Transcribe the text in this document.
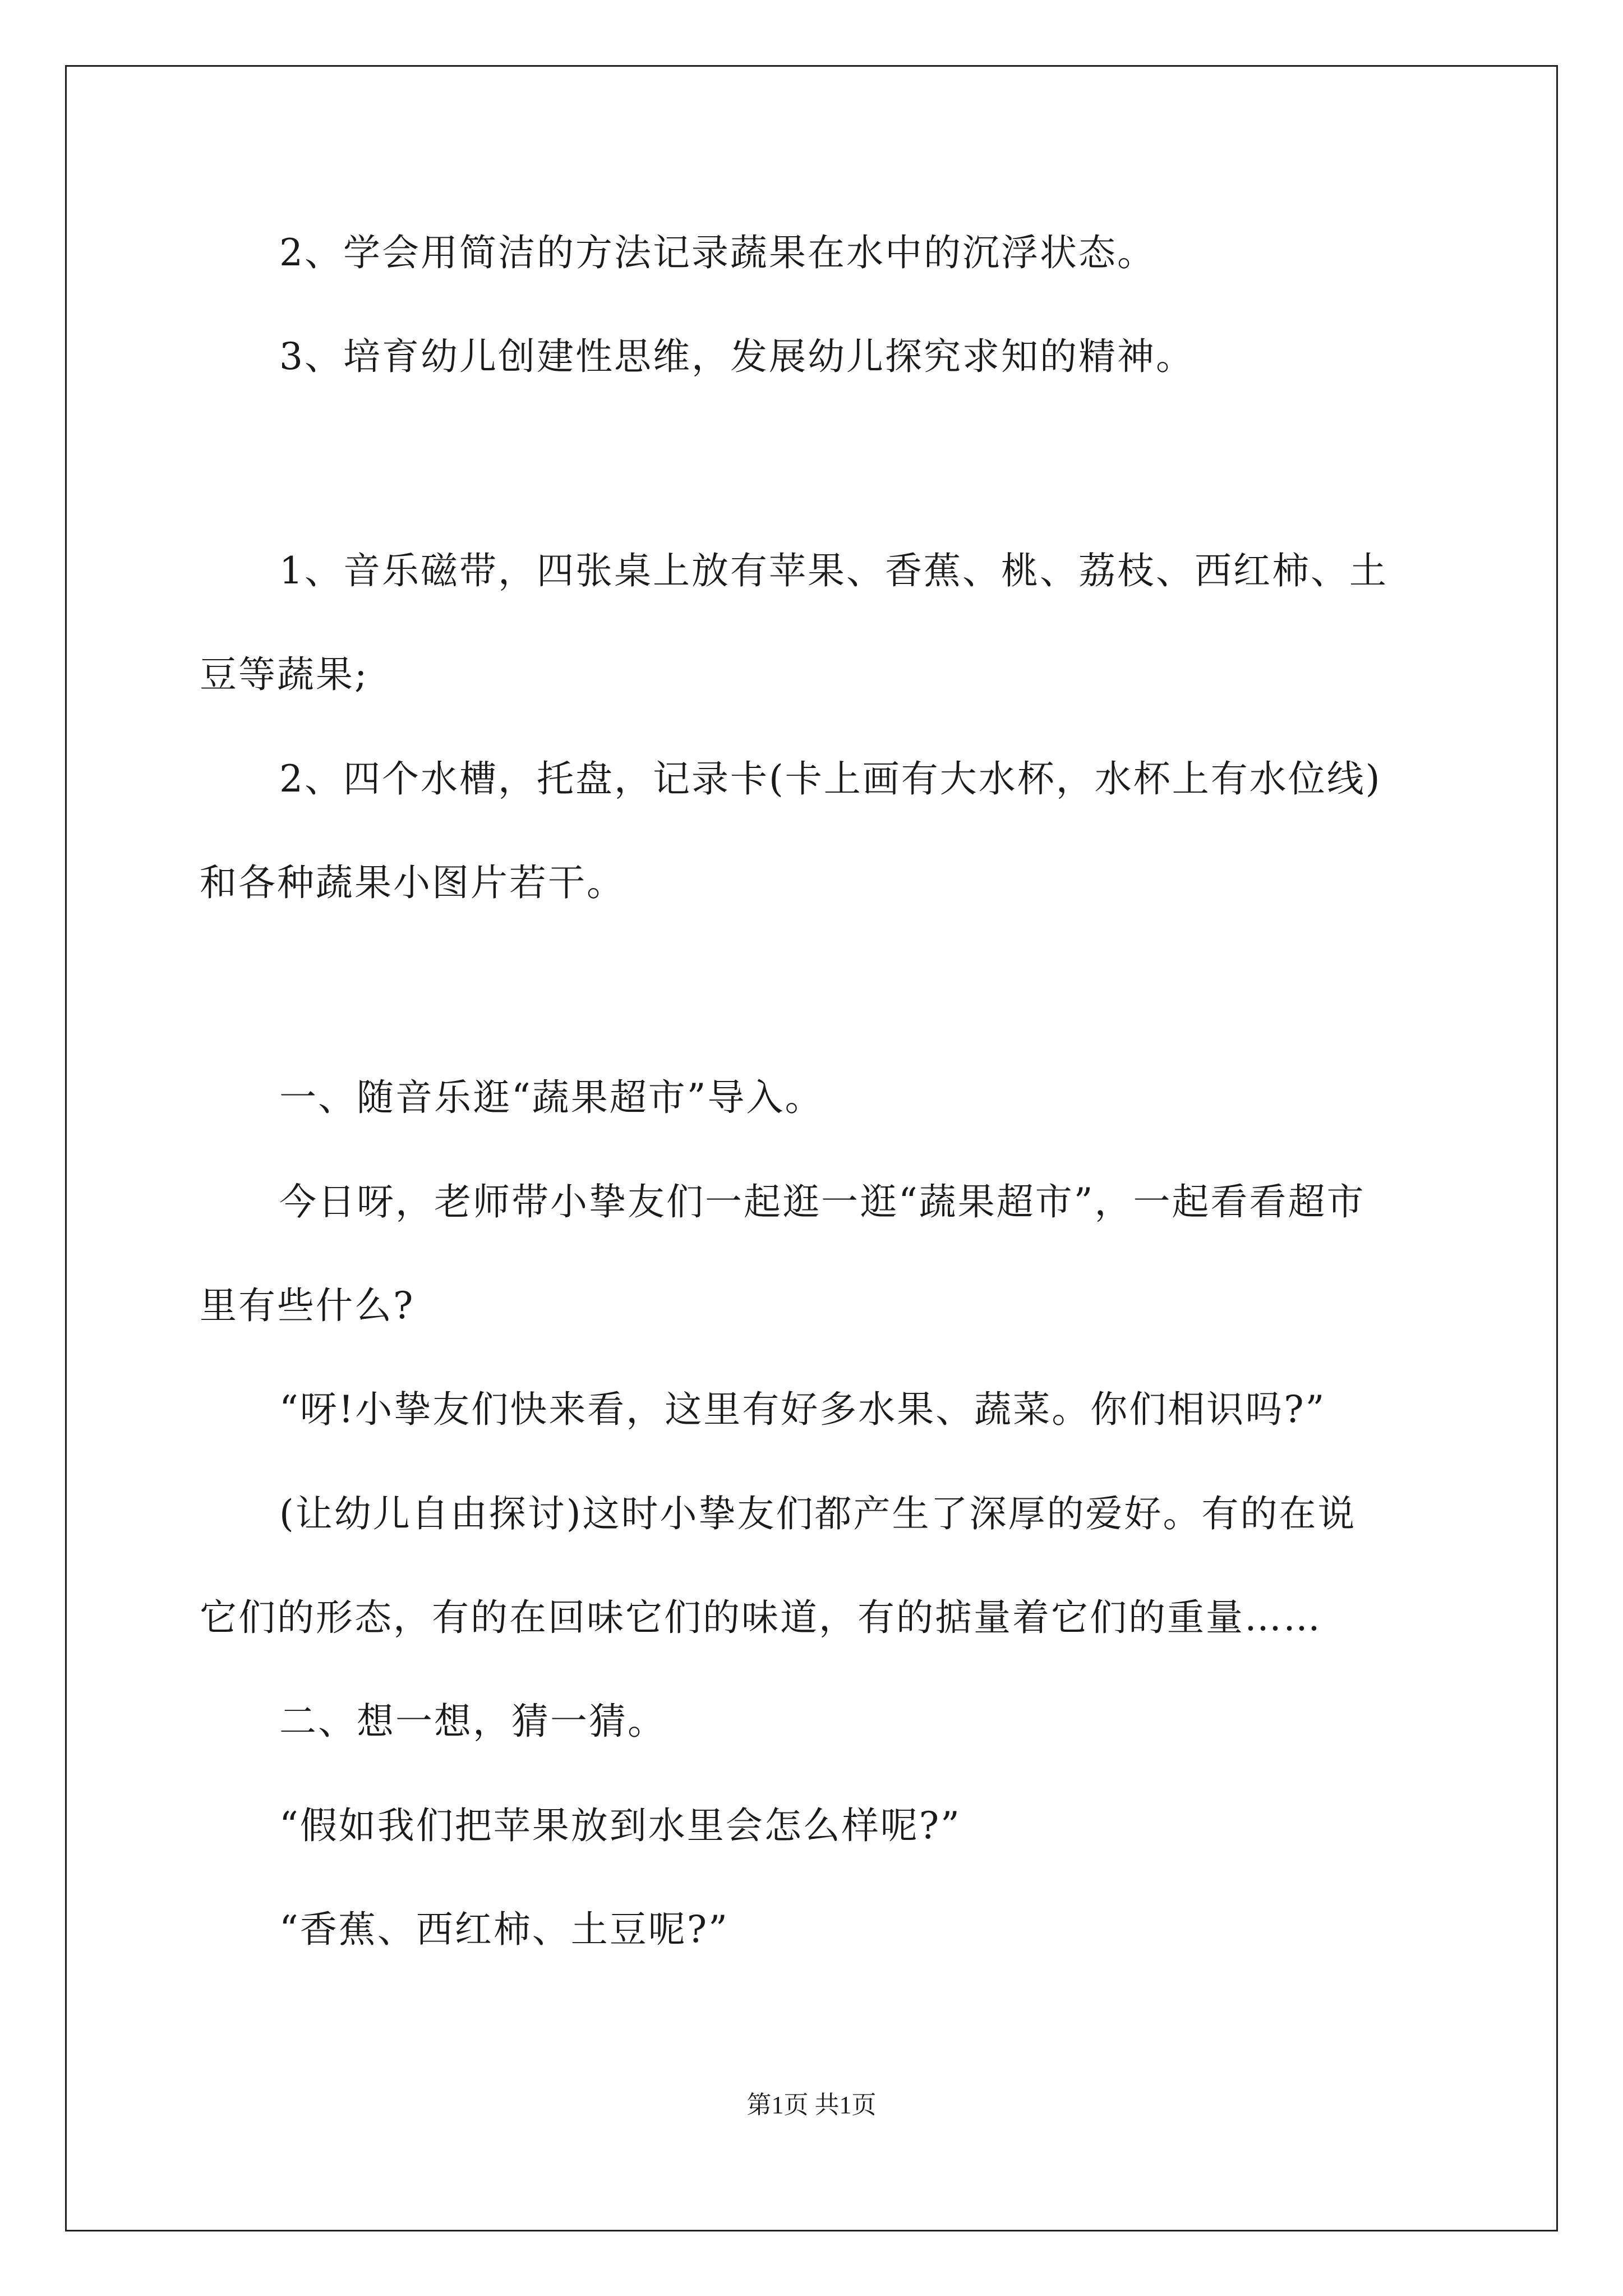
2、学会用简洁的方法记录蔬果在水中的沉浮状态。
3、培育幼儿创建性思维，发展幼儿探究求知的精神。
1、音乐磁带，四张桌上放有苹果、香蕉、桃、荔枝、西红柿、土
豆等蔬果;
2、四个水槽，托盘，记录卡(卡上画有大水杯，水杯上有水位线)
和各种蔬果小图片若干。
一、随音乐逛“蔬果超市”导入。
今日呀，老师带小挚友们一起逛一逛“蔬果超市”，一起看看超市
里有些什么?
“呀!小挚友们快来看，这里有好多水果、蔬菜。你们相识吗?”
(让幼儿自由探讨)这时小挚友们都产生了深厚的爱好。有的在说
它们的形态，有的在回味它们的味道，有的掂量着它们的重量……
二、想一想，猜一猜。
“假如我们把苹果放到水里会怎么样呢?”
“香蕉、西红柿、土豆呢?”
第1页 共1页
